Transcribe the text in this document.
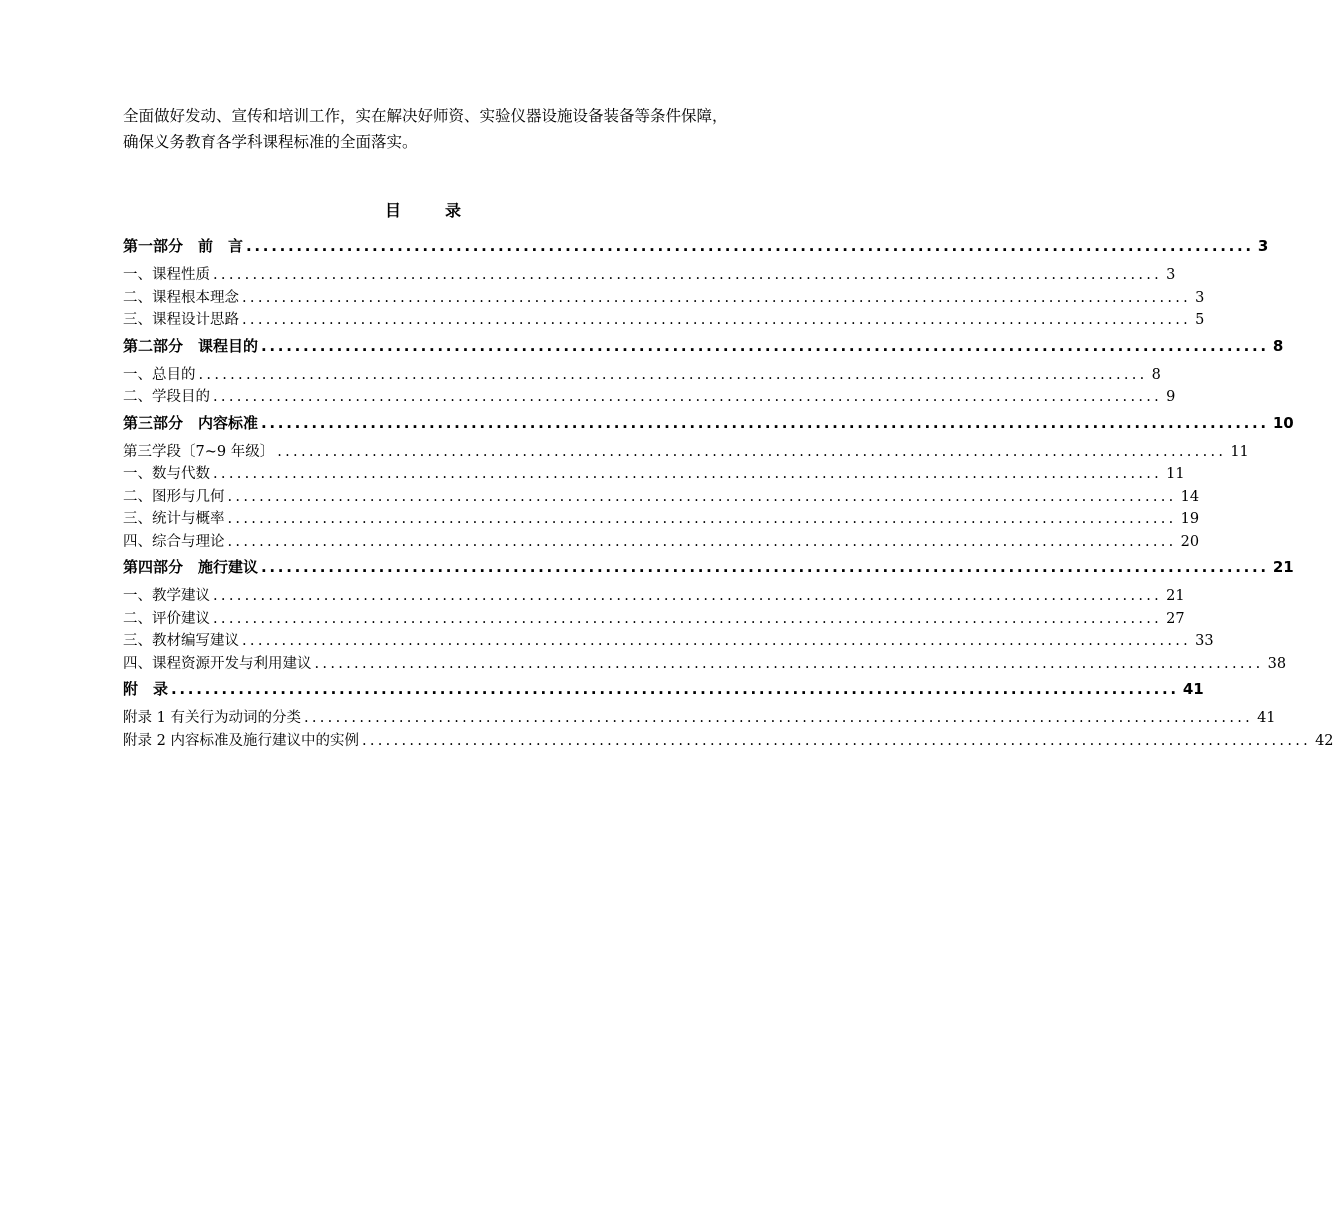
全面做好发动、宣传和培训工作，实在解决好师资、实验仪器设施设备装备等条件保障，确保义务教育各学科课程标准的全面落实。

目　录
第一部分　前　言 ........................................................................................................................ 3
一、课程性质 ........................................................................................................................ 3
二、课程根本理念 ........................................................................................................................ 3
三、课程设计思路 ........................................................................................................................ 5
第二部分　课程目的 ........................................................................................................................ 8
一、总目的 ........................................................................................................................ 8
二、学段目的 ........................................................................................................................ 9
第三部分　内容标准 ........................................................................................................................ 10
第三学段〔7~9 年级〕 ........................................................................................................................ 11
一、数与代数 ........................................................................................................................ 11
二、图形与几何 ........................................................................................................................ 14
三、统计与概率 ........................................................................................................................ 19
四、综合与理论 ........................................................................................................................ 20
第四部分　施行建议 ........................................................................................................................ 21
一、教学建议 ........................................................................................................................ 21
二、评价建议 ........................................................................................................................ 27
三、教材编写建议 ........................................................................................................................ 33
四、课程资源开发与利用建议 ........................................................................................................................ 38
附　录 ........................................................................................................................ 41
附录 1 有关行为动词的分类 ........................................................................................................................ 41
附录 2 内容标准及施行建议中的实例 ........................................................................................................................ 42
